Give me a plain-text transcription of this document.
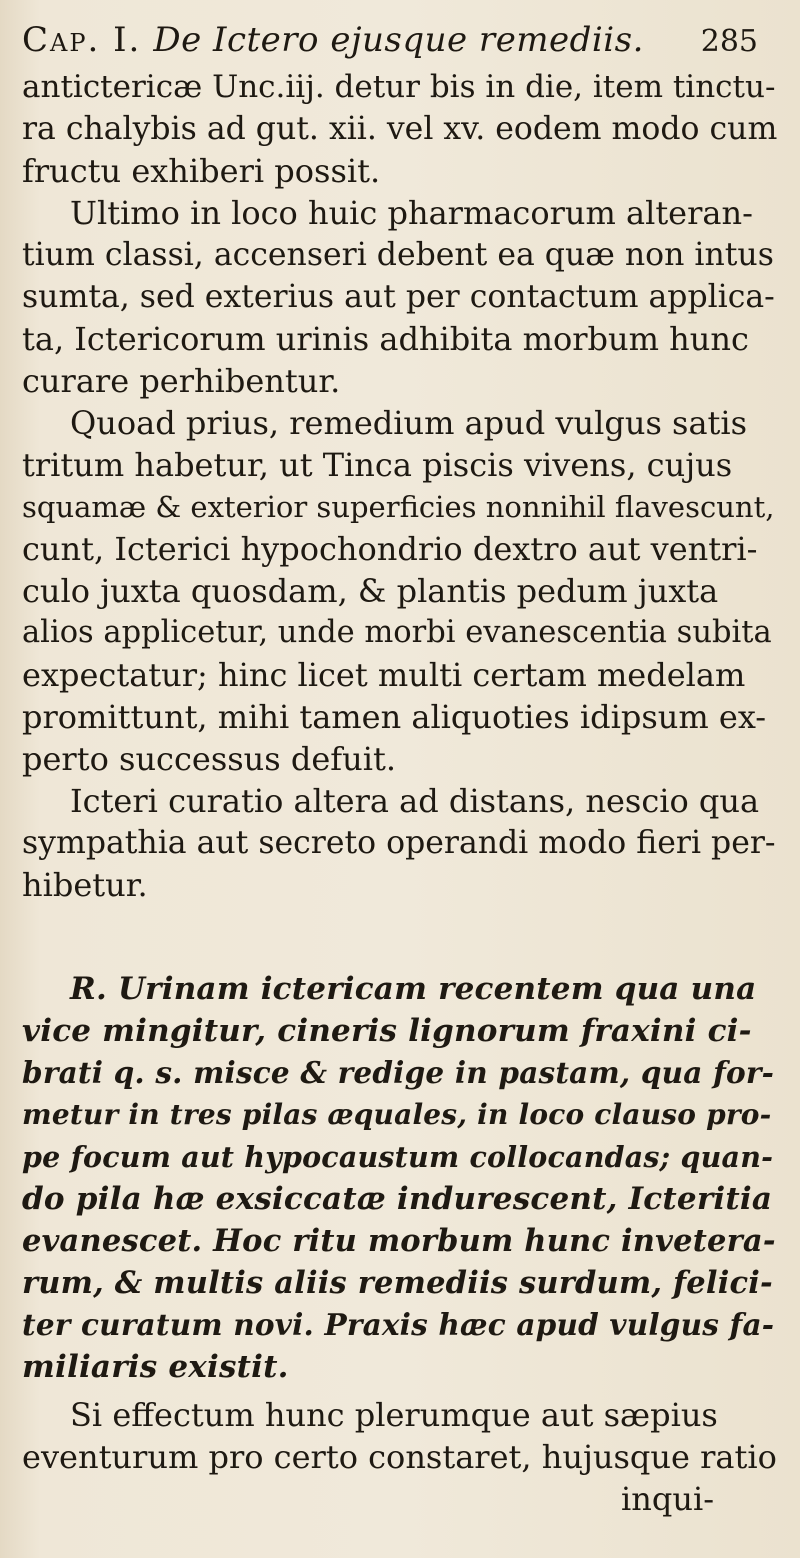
Cap. I. De Ictero ejusque remediis. 285
antictericæ Unc.iij. detur bis in die, item tinctu-
ra chalybis ad gut. xii. vel xv. eodem modo cum
fructu exhiberi possit.
Ultimo in loco huic pharmacorum alteran-
tium classi, accenseri debent ea quæ non intus
sumta, sed exterius aut per contactum applica-
ta, Ictericorum urinis adhibita morbum hunc
curare perhibentur.
Quoad prius, remedium apud vulgus satis
tritum habetur, ut Tinca piscis vivens, cujus
squamæ & exterior superficies nonnihil flavescunt,
cunt, Icterici hypochondrio dextro aut ventri-
culo juxta quosdam, & plantis pedum juxta
alios applicetur, unde morbi evanescentia subita
expectatur; hinc licet multi certam medelam
promittunt, mihi tamen aliquoties idipsum ex-
perto successus defuit.
Icteri curatio altera ad distans, nescio qua
sympathia aut secreto operandi modo fieri per-
hibetur.
R. Urinam ictericam recentem qua una
vice mingitur, cineris lignorum fraxini ci-
brati q. s. misce & redige in pastam, qua for-
metur in tres pilas æquales, in loco clauso pro-
pe focum aut hypocaustum collocandas; quan-
do pila hæ exsiccatæ indurescent, Icteritia
evanescet. Hoc ritu morbum hunc invetera-
rum, & multis aliis remediis surdum, felici-
ter curatum novi. Praxis hæc apud vulgus fa-
miliaris existit.
Si effectum hunc plerumque aut sæpius
eventurum pro certo constaret, hujusque ratio
inqui-
